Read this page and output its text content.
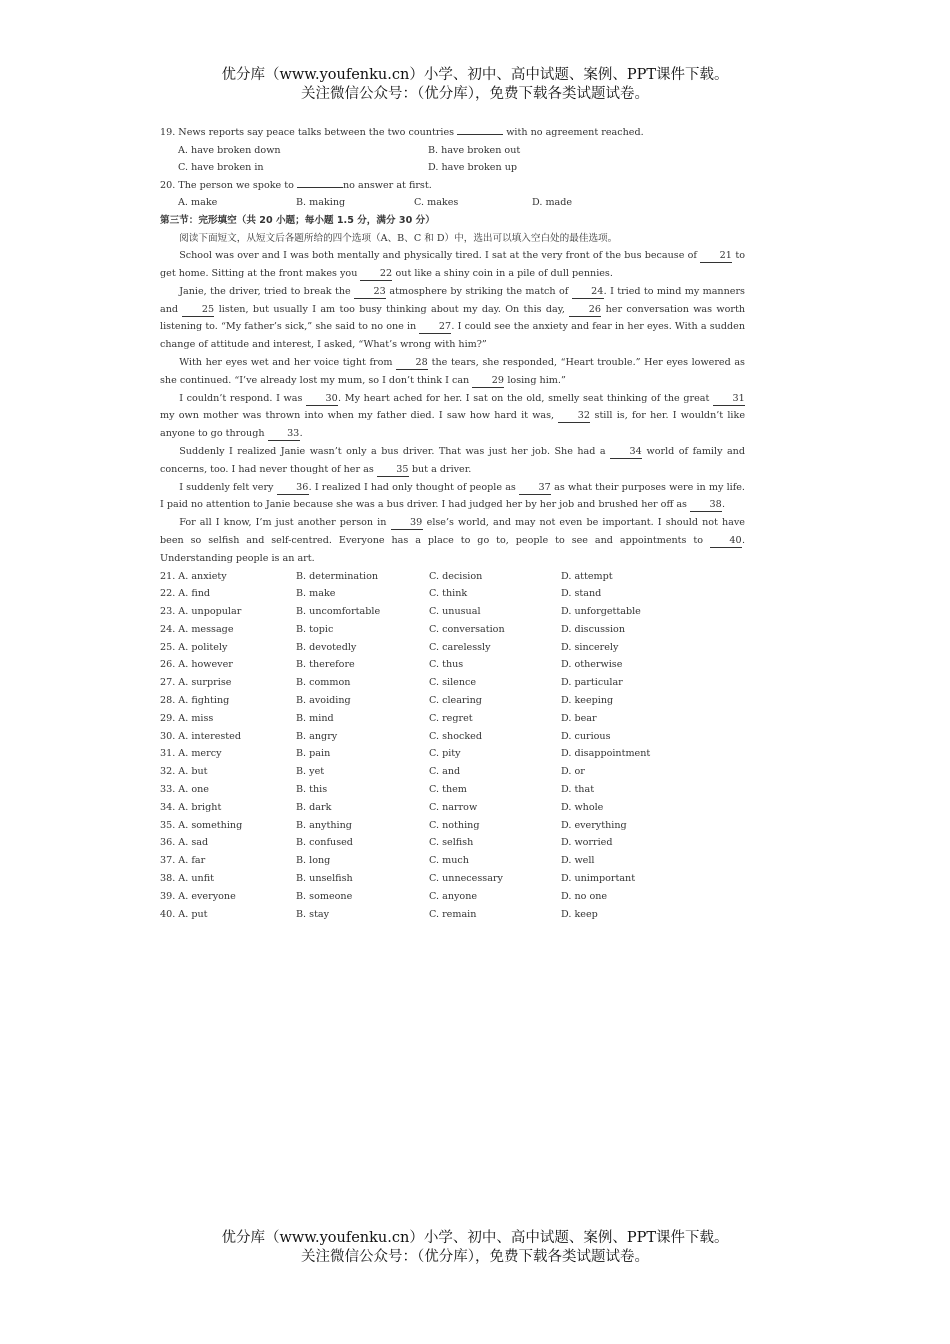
优分库（www.youfenku.cn）小学、初中、高中试题、案例、PPT课件下载。
关注微信公众号：（优分库），免费下载各类试题试卷。
19. News reports say peace talks between the two countries	with no agreement reached.
A. have broken down	B. have broken out
C. have broken in	D. have broken up
20. The person we spoke to	no answer at first.
A. make	B. making	C. makes	D. made
第三节：完形填空（共 20 小题；每小题 1.5 分，满分 30 分）
阅读下面短文，从短文后各题所给的四个选项（A、B、C 和 D）中，选出可以填入空白处的最佳选项。

School was over and I was both mentally and physically tired. I sat at the very front of the bus because of 21 to get home. Sitting at the front makes you 22 out like a shiny coin in a pile of dull pennies.

Janie, the driver, tried to break the 23 atmosphere by striking the match of 24. I tried to mind my manners and 25 listen, but usually I am too busy thinking about my day. On this day, 26 her conversation was worth listening to. “My father’s sick,” she said to no one in 27. I could see the anxiety and fear in her eyes. With a sudden change of attitude and interest, I asked, “What’s wrong with him?”

With her eyes wet and her voice tight from 28 the tears, she responded, “Heart trouble.” Her eyes lowered as she continued. “I’ve already lost my mum, so I don’t think I can 29 losing him.”

I couldn’t respond. I was 30. My heart ached for her. I sat on the old, smelly seat thinking of the great 31 my own mother was thrown into when my father died. I saw how hard it was, 32 still is, for her. I wouldn’t like anyone to go through 33.

Suddenly I realized Janie wasn’t only a bus driver. That was just her job. She had a 34 world of family and concerns, too. I had never thought of her as 35 but a driver.

I suddenly felt very 36. I realized I had only thought of people as 37 as what their purposes were in my life. I paid no attention to Janie because she was a bus driver. I had judged her by her job and brushed her off as 38.

For all I know, I’m just another person in 39 else’s world, and may not even be important. I should not have been so selfish and self-centred. Everyone has a place to go to, people to see and appointments to 40. Understanding people is an art.

21. A. anxiety	B. determination	C. decision	D. attempt
22. A. find	B. make	C. think	D. stand
23. A. unpopular	B. uncomfortable	C. unusual	D. unforgettable
24. A. message	B. topic	C. conversation	D. discussion
25. A. politely	B. devotedly	C. carelessly	D. sincerely
26. A. however	B. therefore	C. thus	D. otherwise
27. A. surprise	B. common	C. silence	D. particular
28. A. fighting	B. avoiding	C. clearing	D. keeping
29. A. miss	B. mind	C. regret	D. bear
30. A. interested	B. angry	C. shocked	D. curious
31. A. mercy	B. pain	C. pity	D. disappointment
32. A. but	B. yet	C. and	D. or
33. A. one	B. this	C. them	D. that
34. A. bright	B. dark	C. narrow	D. whole
35. A. something	B. anything	C. nothing	D. everything
36. A. sad	B. confused	C. selfish	D. worried
37. A. far	B. long	C. much	D. well
38. A. unfit	B. unselfish	C. unnecessary	D. unimportant
39. A. everyone	B. someone	C. anyone	D. no one
40. A. put	B. stay	C. remain	D. keep
优分库（www.youfenku.cn）小学、初中、高中试题、案例、PPT课件下载。
关注微信公众号：（优分库），免费下载各类试题试卷。
